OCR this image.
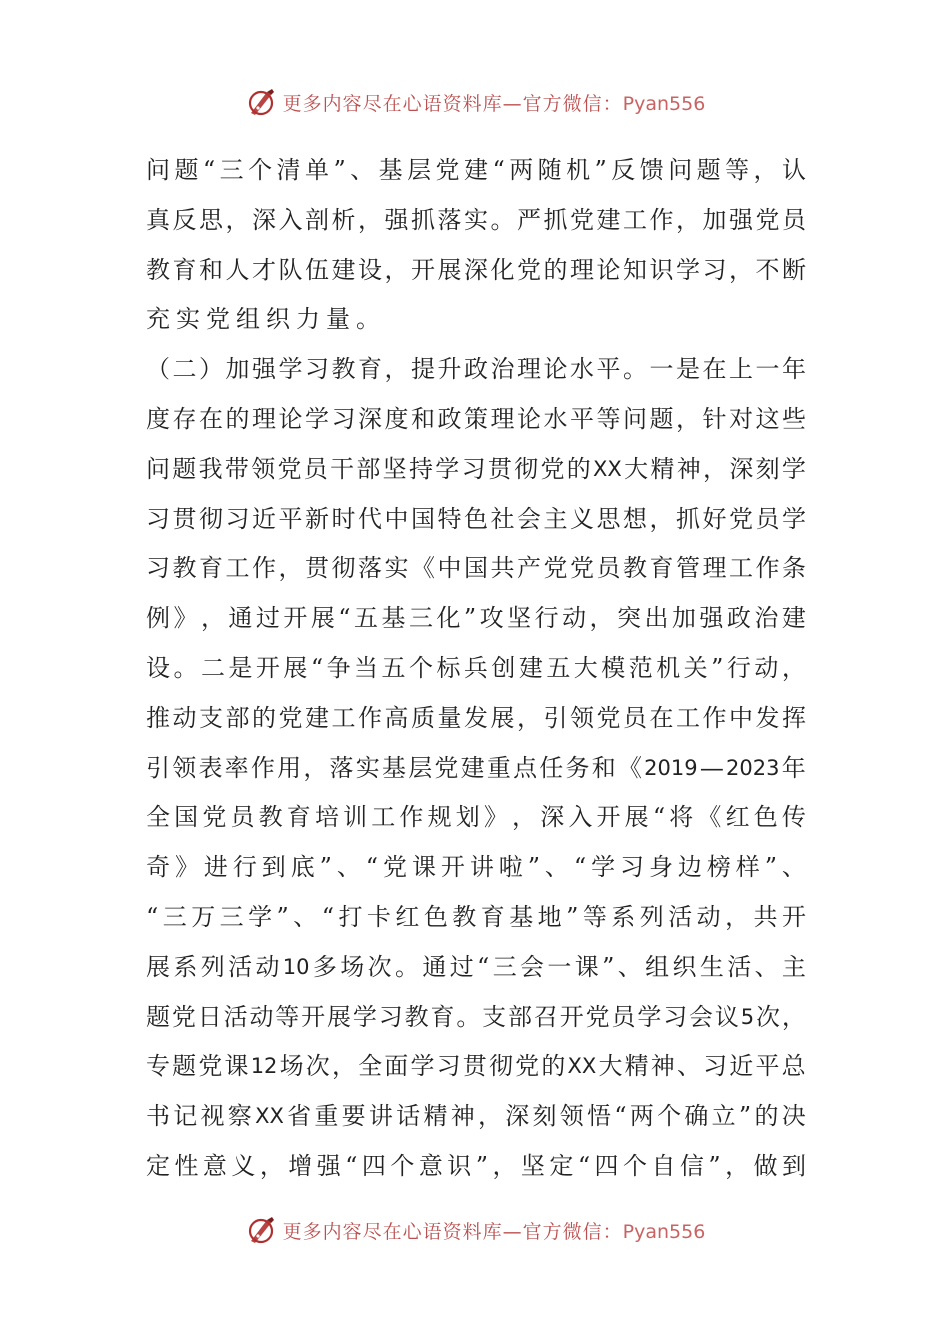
更多内容尽在心语资料库—官方微信：Pyan556
问 题 “ 三 个 清 单 ” 、 基 层 党 建 “ 两 随 机 ” 反 馈 问 题 等 ， 认
真 反 思 ， 深 入 剖 析 ， 强 抓 落 实 。 严 抓 党 建 工 作 ， 加 强 党 员
教 育 和 人 才 队 伍 建 设 ， 开 展 深 化 党 的 理 论 知 识 学 习 ， 不 断
充 实 党 组 织 力 量 。
（ 二 ） 加 强 学 习 教 育 ， 提 升 政 治 理 论 水 平 。 一 是 在 上 一 年
度 存 在 的 理 论 学 习 深 度 和 政 策 理 论 水 平 等 问 题 ， 针 对 这 些
问 题 我 带 领 党 员 干 部 坚 持 学 习 贯 彻 党 的 XX 大 精 神 ， 深 刻 学
习 贯 彻 习 近 平 新 时 代 中 国 特 色 社 会 主 义 思 想 ， 抓 好 党 员 学
习 教 育 工 作 ， 贯 彻 落 实 《 中 国 共 产 党 党 员 教 育 管 理 工 作 条
例 》 ， 通 过 开 展 “ 五 基 三 化 ” 攻 坚 行 动 ， 突 出 加 强 政 治 建
设 。 二 是 开 展 “ 争 当 五 个 标 兵 创 建 五 大 模 范 机 关 ” 行 动 ，
推 动 支 部 的 党 建 工 作 高 质 量 发 展 ， 引 领 党 员 在 工 作 中 发 挥
引 领 表 率 作 用 ， 落 实 基 层 党 建 重 点 任 务 和 《 2019 — 2023 年
全 国 党 员 教 育 培 训 工 作 规 划 》 ， 深 入 开 展 “ 将 《 红 色 传
奇 》 进 行 到 底 ” 、 “ 党 课 开 讲 啦 ” 、 “ 学 习 身 边 榜 样 ” 、
“ 三 万 三 学 ” 、 “ 打 卡 红 色 教 育 基 地 ” 等 系 列 活 动 ， 共 开
展 系 列 活 动 10 多 场 次 。 通 过 “ 三 会 一 课 ” 、 组 织 生 活 、 主
题 党 日 活 动 等 开 展 学 习 教 育 。 支 部 召 开 党 员 学 习 会 议 5 次 ，
专 题 党 课 12 场 次 ， 全 面 学 习 贯 彻 党 的 XX 大 精 神 、 习 近 平 总
书 记 视 察 XX 省 重 要 讲 话 精 神 ， 深 刻 领 悟 “ 两 个 确 立 ” 的 决
定 性 意 义 ， 增 强 “ 四 个 意 识 ” ， 坚 定 “ 四 个 自 信 ” ， 做 到
更多内容尽在心语资料库—官方微信：Pyan556
